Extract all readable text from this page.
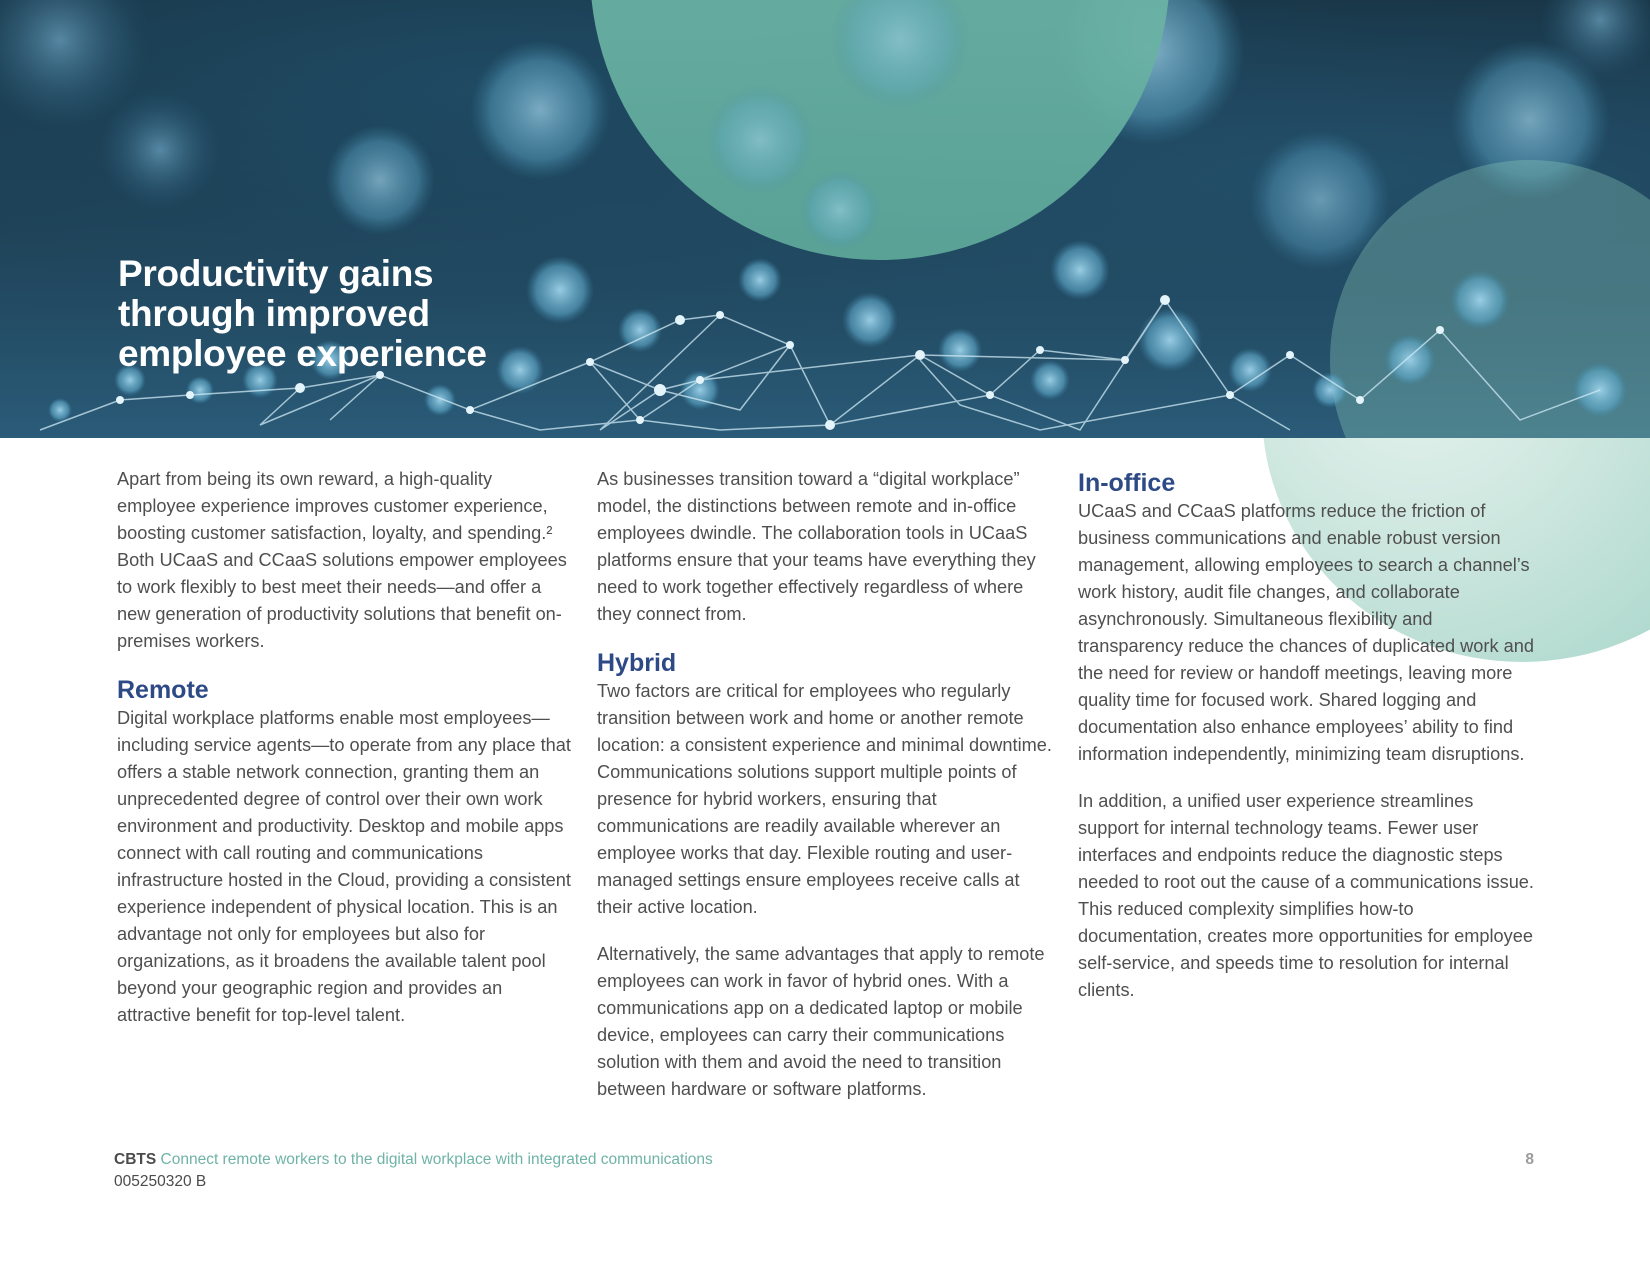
Productivity gains
through improved
employee experience

Apart from being its own reward, a high-quality employee experience improves customer experience, boosting customer satisfaction, loyalty, and spending.² Both UCaaS and CCaaS solutions empower employees to work flexibly to best meet their needs—and offer a new generation of productivity solutions that benefit on-premises workers.

Remote

Digital workplace platforms enable most employees—including service agents—to operate from any place that offers a stable network connection, granting them an unprecedented degree of control over their own work environment and productivity. Desktop and mobile apps connect with call routing and communications infrastructure hosted in the Cloud, providing a consistent experience independent of physical location. This is an advantage not only for employees but also for organizations, as it broadens the available talent pool beyond your geographic region and provides an attractive benefit for top-level talent.

As businesses transition toward a “digital workplace” model, the distinctions between remote and in-office employees dwindle. The collaboration tools in UCaaS platforms ensure that your teams have everything they need to work together effectively regardless of where they connect from.

Hybrid

Two factors are critical for employees who regularly transition between work and home or another remote location: a consistent experience and minimal downtime. Communications solutions support multiple points of presence for hybrid workers, ensuring that communications are readily available wherever an employee works that day. Flexible routing and user-managed settings ensure employees receive calls at their active location.

Alternatively, the same advantages that apply to remote employees can work in favor of hybrid ones. With a communications app on a dedicated laptop or mobile device, employees can carry their communications solution with them and avoid the need to transition between hardware or software platforms.

In-office

UCaaS and CCaaS platforms reduce the friction of business communications and enable robust version management, allowing employees to search a channel’s work history, audit file changes, and collaborate asynchronously. Simultaneous flexibility and transparency reduce the chances of duplicated work and the need for review or handoff meetings, leaving more quality time for focused work. Shared logging and documentation also enhance employees’ ability to find information independently, minimizing team disruptions.

In addition, a unified user experience streamlines support for internal technology teams. Fewer user interfaces and endpoints reduce the diagnostic steps needed to root out the cause of a communications issue. This reduced complexity simplifies how-to documentation, creates more opportunities for employee self-service, and speeds time to resolution for internal clients.

CBTS Connect remote workers to the digital workplace with integrated communications
005250320 B
8
